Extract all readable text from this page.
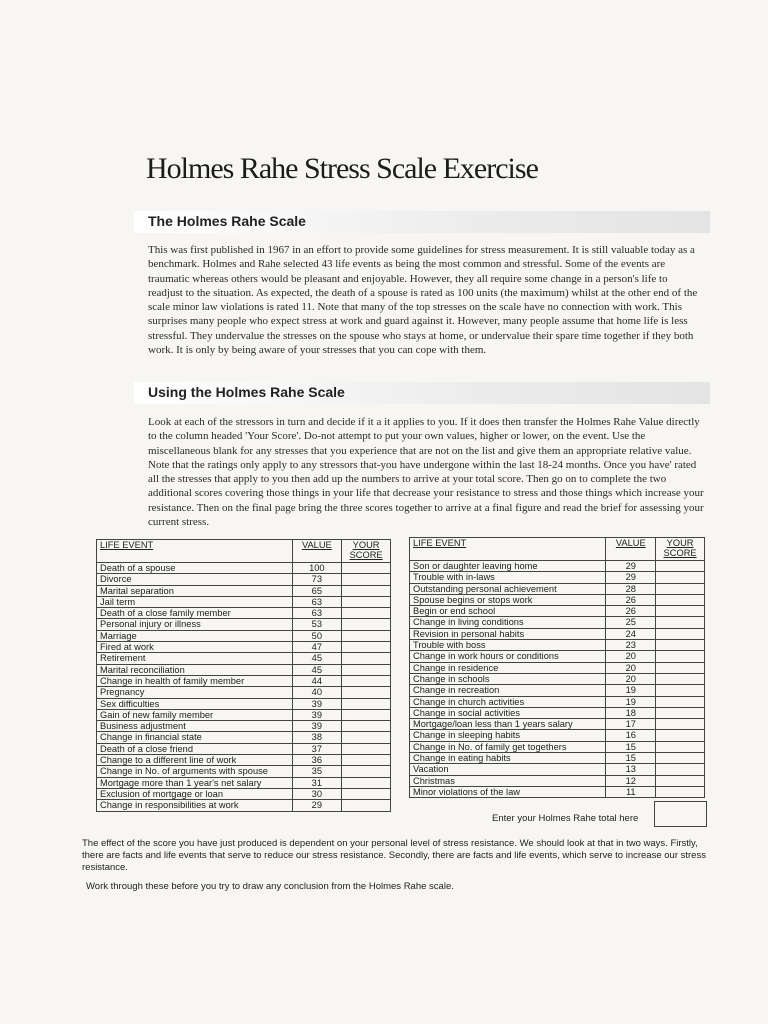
Holmes Rahe Stress Scale Exercise
The Holmes Rahe Scale

This was first published in 1967 in an effort to provide some guidelines for stress measurement. It is still valuable today as a benchmark. Holmes and Rahe selected 43 life events as being the most common and stressful. Some of the events are traumatic whereas others would be pleasant and enjoyable. However, they all require some change in a person's life to readjust to the situation. As expected, the death of a spouse is rated as 100 units (the maximum) whilst at the other end of the scale minor law violations is rated 11. Note that many of the top stresses on the scale have no connection with work. This surprises many people who expect stress at work and guard against it. However, many people assume that home life is less stressful. They undervalue the stresses on the spouse who stays at home, or undervalue their spare time together if they both work. It is only by being aware of your stresses that you can cope with them.

Using the Holmes Rahe Scale

Look at each of the stressors in turn and decide if it a it applies to you. If it does then transfer the Holmes Rahe Value directly to the column headed 'Your Score'. Do-not attempt to put your own values, higher or lower, on the event. Use the miscellaneous blank for any stresses that you experience that are not on the list and give them an appropriate relative value. Note that the ratings only apply to any stressors that-you have undergone within the last 18-24 months. Once you have' rated all the stresses that apply to you then add up the numbers to arrive at your total score. Then go on to complete the two additional scores covering those things in your life that decrease your resistance to stress and those things which increase your resistance. Then on the final page bring the three scores together to arrive at a final figure and read the brief for assessing your current stress.

LIFE EVENT	VALUE	YOUR
SCORE
Death of a spouse	100	
Divorce	73	
Marital separation	65	
Jail term	63	
Death of a close family member	63	
Personal injury or illness	53	
Marriage	50	
Fired at work	47	
Retirement	45	
Marital reconciliation	45	
Change in health of family member	44	
Pregnancy	40	
Sex difficulties	39	
Gain of new family member	39	
Business adjustment	39	
Change in financial state	38	
Death of a close friend	37	
Change to a different line of work	36	
Change in No. of arguments with spouse	35	
Mortgage more than 1 year's net salary	31	
Exclusion of mortgage or loan	30	
Change in responsibilities at work	29	
LIFE EVENT	VALUE	YOUR
SCORE
Son or daughter leaving home	29	
Trouble with in-laws	29	
Outstanding personal achievement	28	
Spouse begins or stops work	26	
Begin or end school	26	
Change in living conditions	25	
Revision in personal habits	24	
Trouble with boss	23	
Change in work hours or conditions	20	
Change in residence	20	
Change in schools	20	
Change in recreation	19	
Change in church activities	19	
Change in social activities	18	
Mortgage/loan less than 1 years salary	17	
Change in sleeping habits	16	
Change in No. of family get togethers	15	
Change in eating habits	15	
Vacation	13	
Christmas	12	
Minor violations of the law	11	
Enter your Holmes Rahe total here

The effect of the score you have just produced is dependent on your personal level of stress resistance. We should look at that in two ways. Firstly, there are facts and life events that serve to reduce our stress resistance. Secondly, there are facts and life events, which serve to increase our stress resistance.

Work through these before you try to draw any conclusion from the Holmes Rahe scale.
